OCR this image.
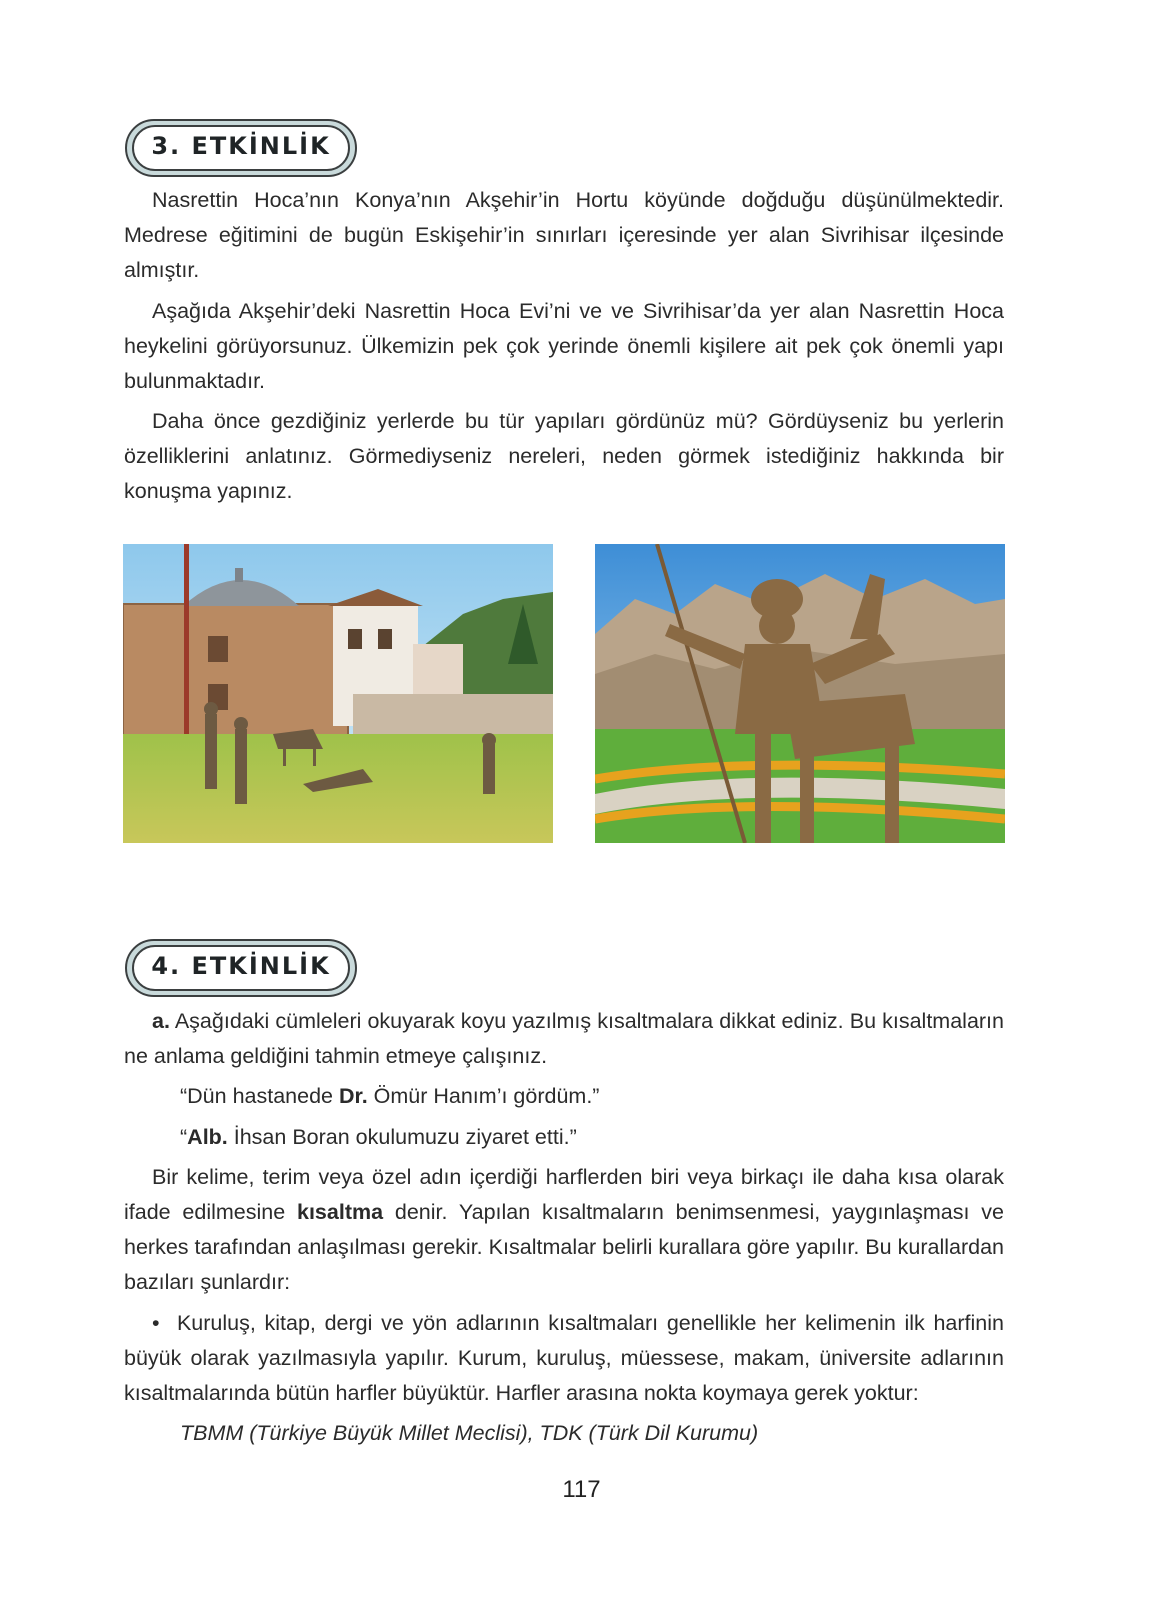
3. ETKİNLİK

Nasrettin Hoca’nın Konya’nın Akşehir’in Hortu köyünde doğduğu düşünülmektedir. Medrese eğitimini de bugün Eskişehir’in sınırları içeresinde yer alan Sivrihisar ilçesinde almıştır.

Aşağıda Akşehir’deki Nasrettin Hoca Evi’ni ve ve Sivrihisar’da yer alan Nasrettin Hoca heykelini görüyorsunuz. Ülkemizin pek çok yerinde önemli kişilere ait pek çok önemli yapı bulunmaktadır.

Daha önce gezdiğiniz yerlerde bu tür yapıları gördünüz mü? Gördüyseniz bu yerlerin özelliklerini anlatınız. Görmediyseniz nereleri, neden görmek istediğiniz hakkında bir konuşma yapınız.

4. ETKİNLİK

a. Aşağıdaki cümleleri okuyarak koyu yazılmış kısaltmalara dikkat ediniz. Bu kısaltmaların ne anlama geldiğini tahmin etmeye çalışınız.

“Dün hastanede Dr. Ömür Hanım’ı gördüm.”
“Alb. İhsan Boran okulumuzu ziyaret etti.”

Bir kelime, terim veya özel adın içerdiği harflerden biri veya birkaçı ile daha kısa olarak ifade edilmesine kısaltma denir. Yapılan kısaltmaların benimsenmesi, yaygınlaşması ve herkes tarafından anlaşılması gerekir. Kısaltmalar belirli kurallara göre yapılır. Bu kurallardan bazıları şunlardır:

•  Kuruluş, kitap, dergi ve yön adlarının kısaltmaları genellikle her kelimenin ilk harfinin büyük olarak yazılmasıyla yapılır. Kurum, kuruluş, müessese, makam, üniversite adlarının kısaltmalarında bütün harfler büyüktür. Harfler arasına nokta koymaya gerek yoktur:

TBMM (Türkiye Büyük Millet Meclisi), TDK (Türk Dil Kurumu)
117
